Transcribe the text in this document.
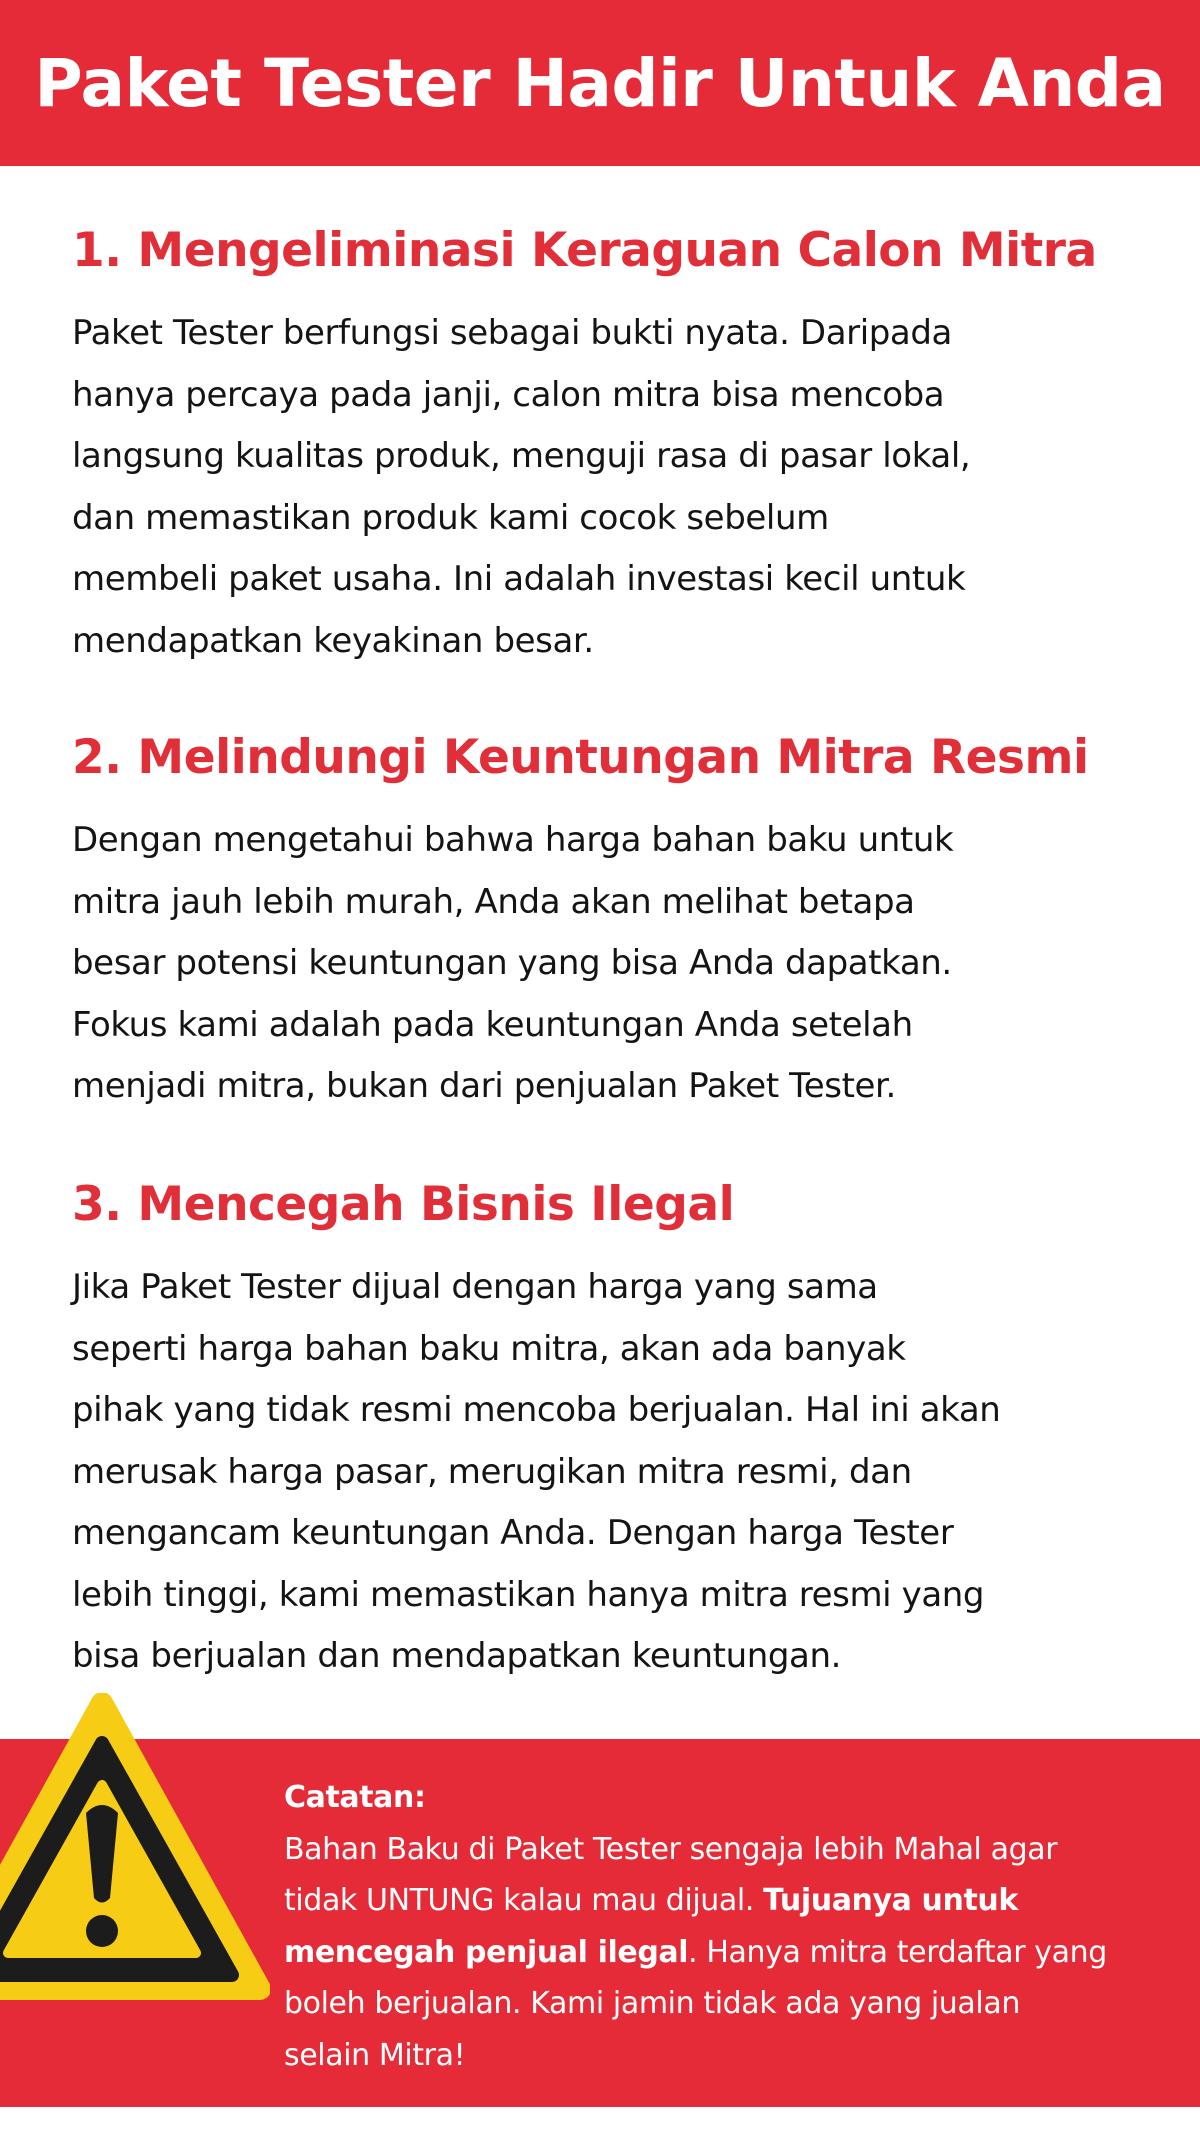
Paket Tester Hadir Untuk Anda
1. Mengeliminasi Keraguan Calon Mitra

Paket Tester berfungsi sebagai bukti nyata. Daripada
hanya percaya pada janji, calon mitra bisa mencoba
langsung kualitas produk, menguji rasa di pasar lokal,
dan memastikan produk kami cocok sebelum
membeli paket usaha. Ini adalah investasi kecil untuk
mendapatkan keyakinan besar.

2. Melindungi Keuntungan Mitra Resmi

Dengan mengetahui bahwa harga bahan baku untuk
mitra jauh lebih murah, Anda akan melihat betapa
besar potensi keuntungan yang bisa Anda dapatkan.
Fokus kami adalah pada keuntungan Anda setelah
menjadi mitra, bukan dari penjualan Paket Tester.

3. Mencegah Bisnis Ilegal

Jika Paket Tester dijual dengan harga yang sama
seperti harga bahan baku mitra, akan ada banyak
pihak yang tidak resmi mencoba berjualan. Hal ini akan
merusak harga pasar, merugikan mitra resmi, dan
mengancam keuntungan Anda. Dengan harga Tester
lebih tinggi, kami memastikan hanya mitra resmi yang
bisa berjualan dan mendapatkan keuntungan.

Catatan:
Bahan Baku di Paket Tester sengaja lebih Mahal agar
tidak UNTUNG kalau mau dijual. Tujuanya untuk
mencegah penjual ilegal. Hanya mitra terdaftar yang
boleh berjualan. Kami jamin tidak ada yang jualan
selain Mitra!
